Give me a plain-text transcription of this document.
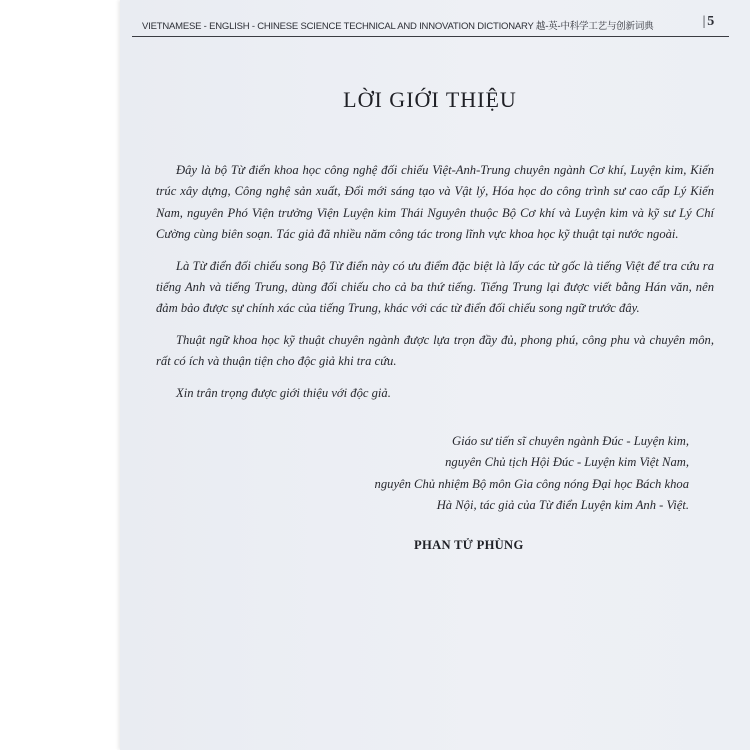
VIETNAMESE - ENGLISH - CHINESE SCIENCE TECHNICAL AND INNOVATION DICTIONARY 越-英-中科学工艺与创新词典	| 5
LỜI GIỚI THIỆU

Đây là bộ Từ điển khoa học công nghệ đối chiếu Việt-Anh-Trung chuyên ngành Cơ khí, Luyện kim, Kiến trúc xây dựng, Công nghệ sản xuất, Đổi mới sáng tạo và Vật lý, Hóa học do công trình sư cao cấp Lý Kiến Nam, nguyên Phó Viện trưởng Viện Luyện kim Thái Nguyên thuộc Bộ Cơ khí và Luyện kim và kỹ sư Lý Chí Cường cùng biên soạn. Tác giả đã nhiều năm công tác trong lĩnh vực khoa học kỹ thuật tại nước ngoài.

Là Từ điển đối chiếu song Bộ Từ điển này có ưu điểm đặc biệt là lấy các từ gốc là tiếng Việt để tra cứu ra tiếng Anh và tiếng Trung, dùng đối chiếu cho cả ba thứ tiếng. Tiếng Trung lại được viết bằng Hán văn, nên đảm bảo được sự chính xác của tiếng Trung, khác với các từ điển đối chiếu song ngữ trước đây.

Thuật ngữ khoa học kỹ thuật chuyên ngành được lựa trọn đầy đủ, phong phú, công phu và chuyên môn, rất có ích và thuận tiện cho độc giả khi tra cứu.

Xin trân trọng được giới thiệu với độc giả.

Giáo sư tiến sĩ chuyên ngành Đúc - Luyện kim,
nguyên Chủ tịch Hội Đúc - Luyện kim Việt Nam,
nguyên Chủ nhiệm Bộ môn Gia công nóng Đại học Bách khoa
Hà Nội, tác giả của Từ điển Luyện kim Anh - Việt.
PHAN TỬ PHÙNG
